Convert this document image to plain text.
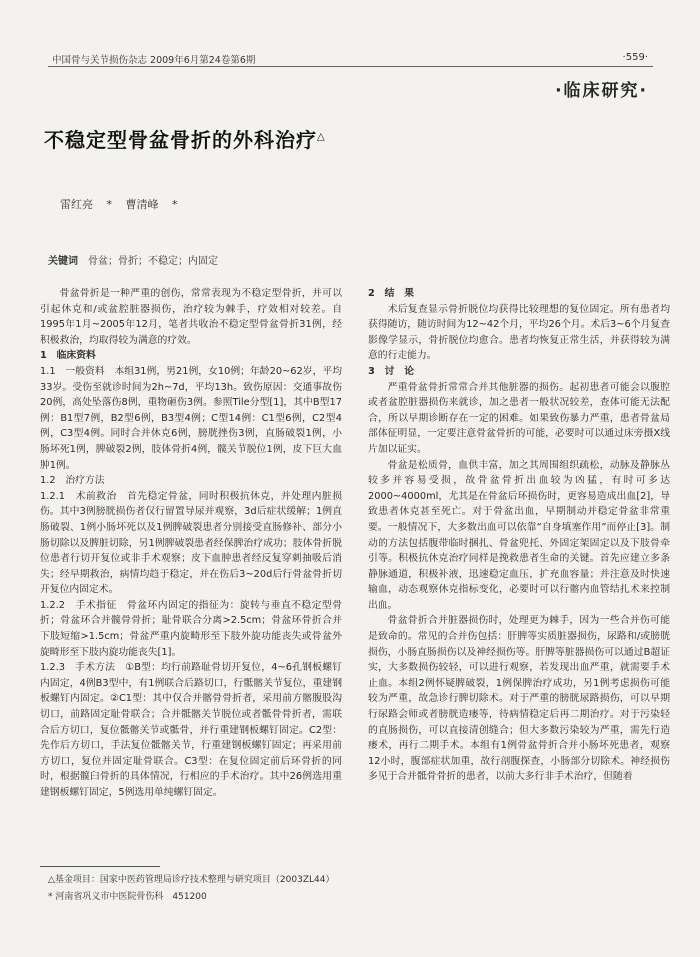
中国骨与关节损伤杂志 2009年6月第24卷第6期	·559·
·临床研究·
不稳定型骨盆骨折的外科治疗△
雷红亮 * 曹清峰 *
关键词 骨盆；骨折；不稳定；内固定

骨盆骨折是一种严重的创伤，常常表现为不稳定型骨折，并可以引起休克和/或盆腔脏器损伤，治疗较为棘手，疗效相对较差。自1995年1月~2005年12月，笔者共收治不稳定型骨盆骨折31例，经积极救治，均取得较为满意的疗效。

1　临床资料

1.1　一般资料　本组31例，男21例，女10例；年龄20~62岁，平均33岁。受伤至就诊时间为2h~7d，平均13h。致伤原因：交通事故伤20例，高处坠落伤8例，重物砸伤3例。参照Tile分型[1]，其中B型17例：B1型7例，B2型6例，B3型4例；C型14例：C1型6例，C2型4例，C3型4例。同时合并休克6例，膀胱挫伤3例，直肠破裂1例，小肠坏死1例，脾破裂2例，肢体骨折4例，髋关节脱位1例，皮下巨大血肿1例。

1.2　治疗方法

1.2.1　术前救治　首先稳定骨盆，同时积极抗休克，并处理内脏损伤。其中3例膀胱损伤者仅行留置导尿并观察，3d后症状缓解；1例直肠破裂、1例小肠坏死以及1例脾破裂患者分别接受直肠修补、部分小肠切除以及脾脏切除，另1例脾破裂患者经保脾治疗成功；肢体骨折脱位患者行切开复位或非手术观察；皮下血肿患者经反复穿刺抽吸后消失；经早期救治，病情均趋于稳定，并在伤后3~20d后行骨盆骨折切开复位内固定术。

1.2.2　手术指征　骨盆环内固定的指征为：旋转与垂直不稳定型骨折；骨盆环合并髋骨骨折；耻骨联合分离>2.5cm；骨盆环骨折合并下肢短缩>1.5cm；骨盆严重内旋畸形至下肢外旋功能丧失或骨盆外旋畸形至下肢内旋功能丧失[1]。

1.2.3　手术方法　①B型：均行前路耻骨切开复位，4~6孔钢板螺钉内固定，4例B3型中，有1例联合后路切口，行骶髂关节复位，重建钢板螺钉内固定。②C1型：其中仅合并髂骨骨折者，采用前方髂腹股沟切口，前路固定耻骨联合；合并骶髂关节脱位或者骶骨骨折者，需联合后方切口，复位骶髂关节或骶骨，并行重建钢板螺钉固定。C2型：先作后方切口，手法复位骶髂关节，行重建钢板螺钉固定；再采用前方切口，复位并固定耻骨联合。C3型：在复位固定前后环骨折的同时，根据髋臼骨折的具体情况，行相应的手术治疗。其中26例选用重建钢板螺钉固定，5例选用单纯螺钉固定。

2　结　果

术后复查显示骨折脱位均获得比较理想的复位固定。所有患者均获得随访，随访时间为12~42个月，平均26个月。术后3~6个月复查影像学显示，骨折脱位均愈合。患者均恢复正常生活，并获得较为满意的行走能力。

3　讨　论

严重骨盆骨折常常合并其他脏器的损伤。起初患者可能会以腹腔或者盆腔脏器损伤来就诊，加之患者一般状况较差，查体可能无法配合，所以早期诊断存在一定的困难。如果致伤暴力严重，患者骨盆局部体征明显，一定要注意骨盆骨折的可能，必要时可以通过床旁摄X线片加以证实。

骨盆是松质骨，血供丰富，加之其周围组织疏松，动脉及静脉丛较多并容易受损，故骨盆骨折出血较为凶猛，有时可多达2000~4000ml，尤其是在骨盆后环损伤时，更容易造成出血[2]，导致患者休克甚至死亡。对于骨盆出血，早期制动并稳定骨盆非常重要。一般情况下，大多数出血可以依靠“自身填塞作用”而停止[3]。制动的方法包括腹带临时捆扎、骨盆兜托、外固定架固定以及下肢骨牵引等。积极抗休克治疗同样是挽救患者生命的关键。首先应建立多条静脉通道，积极补液，迅速稳定血压，扩充血容量；并注意及时快速输血，动态观察休克指标变化，必要时可以行髂内血管结扎术来控制出血。

骨盆骨折合并脏器损伤时，处理更为棘手，因为一些合并伤可能是致命的。常见的合并伤包括：肝脾等实质脏器损伤，尿路和/或膀胱损伤，小肠直肠损伤以及神经损伤等。肝脾等脏器损伤可以通过B超证实，大多数损伤较轻，可以进行观察，若发现出血严重，就需要手术止血。本组2例怀疑脾破裂，1例保脾治疗成功，另1例考虑损伤可能较为严重，故急诊行脾切除术。对于严重的膀胱尿路损伤，可以早期行尿路会师或者膀胱造瘘等，待病情稳定后再二期治疗。对于污染轻的直肠损伤，可以直接清创缝合；但大多数污染较为严重，需先行造瘘术，再行二期手术。本组有1例骨盆骨折合并小肠坏死患者，观察12小时，腹部症状加重，故行剖腹探查，小肠部分切除术。神经损伤多见于合并骶骨骨折的患者，以前大多行非手术治疗，但随着

△基金项目：国家中医药管理局诊疗技术整理与研究项目（2003ZL44）
* 河南省巩义市中医院骨伤科　451200
